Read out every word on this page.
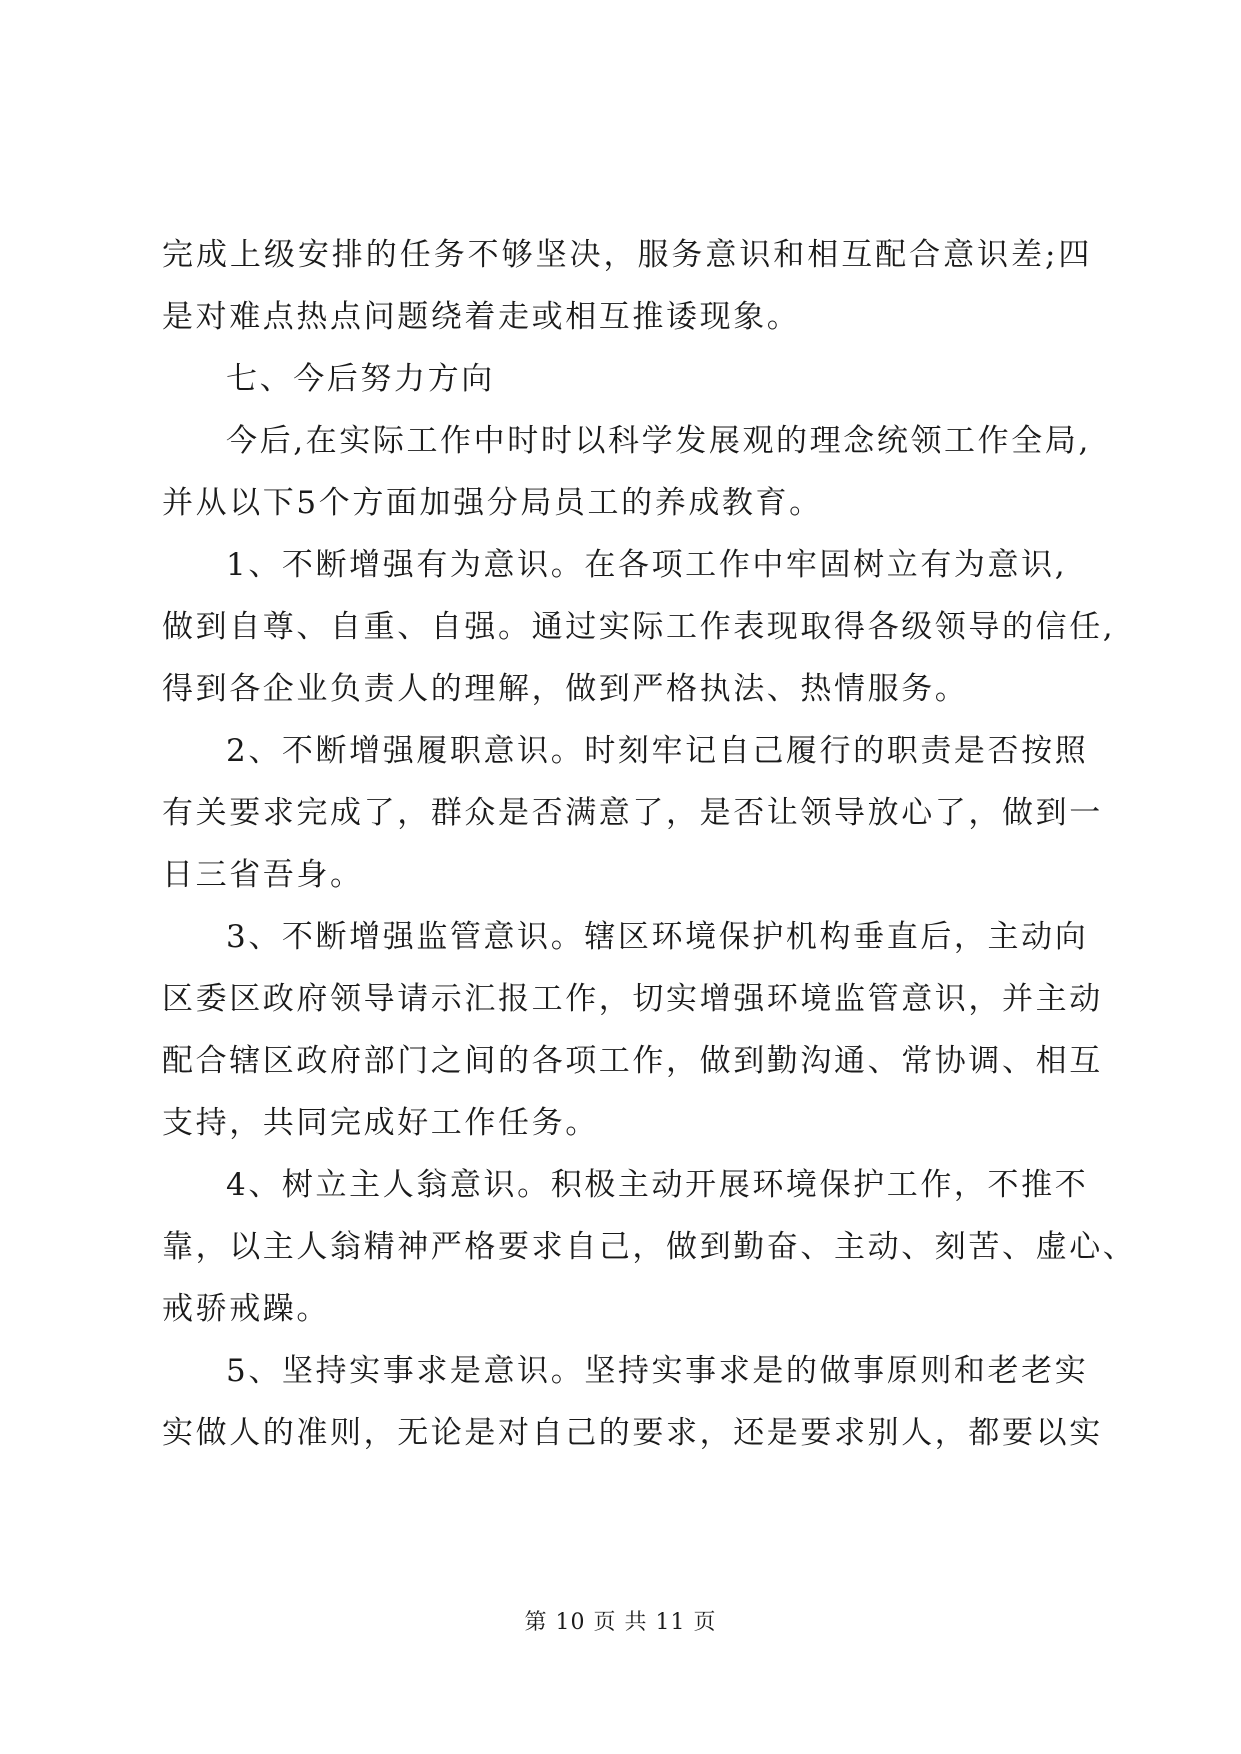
完成上级安排的任务不够坚决，服务意识和相互配合意识差;四
是对难点热点问题绕着走或相互推诿现象。
七、今后努力方向
今后,在实际工作中时时以科学发展观的理念统领工作全局,
并从以下5个方面加强分局员工的养成教育。
1、不断增强有为意识。在各项工作中牢固树立有为意识,
做到自尊、自重、自强。通过实际工作表现取得各级领导的信任,
得到各企业负责人的理解，做到严格执法、热情服务。
2、不断增强履职意识。时刻牢记自己履行的职责是否按照
有关要求完成了，群众是否满意了，是否让领导放心了，做到一
日三省吾身。
3、不断增强监管意识。辖区环境保护机构垂直后，主动向
区委区政府领导请示汇报工作，切实增强环境监管意识，并主动
配合辖区政府部门之间的各项工作，做到勤沟通、常协调、相互
支持，共同完成好工作任务。
4、树立主人翁意识。积极主动开展环境保护工作，不推不
靠，以主人翁精神严格要求自己，做到勤奋、主动、刻苦、虚心、
戒骄戒躁。
5、坚持实事求是意识。坚持实事求是的做事原则和老老实
实做人的准则，无论是对自己的要求，还是要求别人，都要以实
第 10 页 共 11 页
